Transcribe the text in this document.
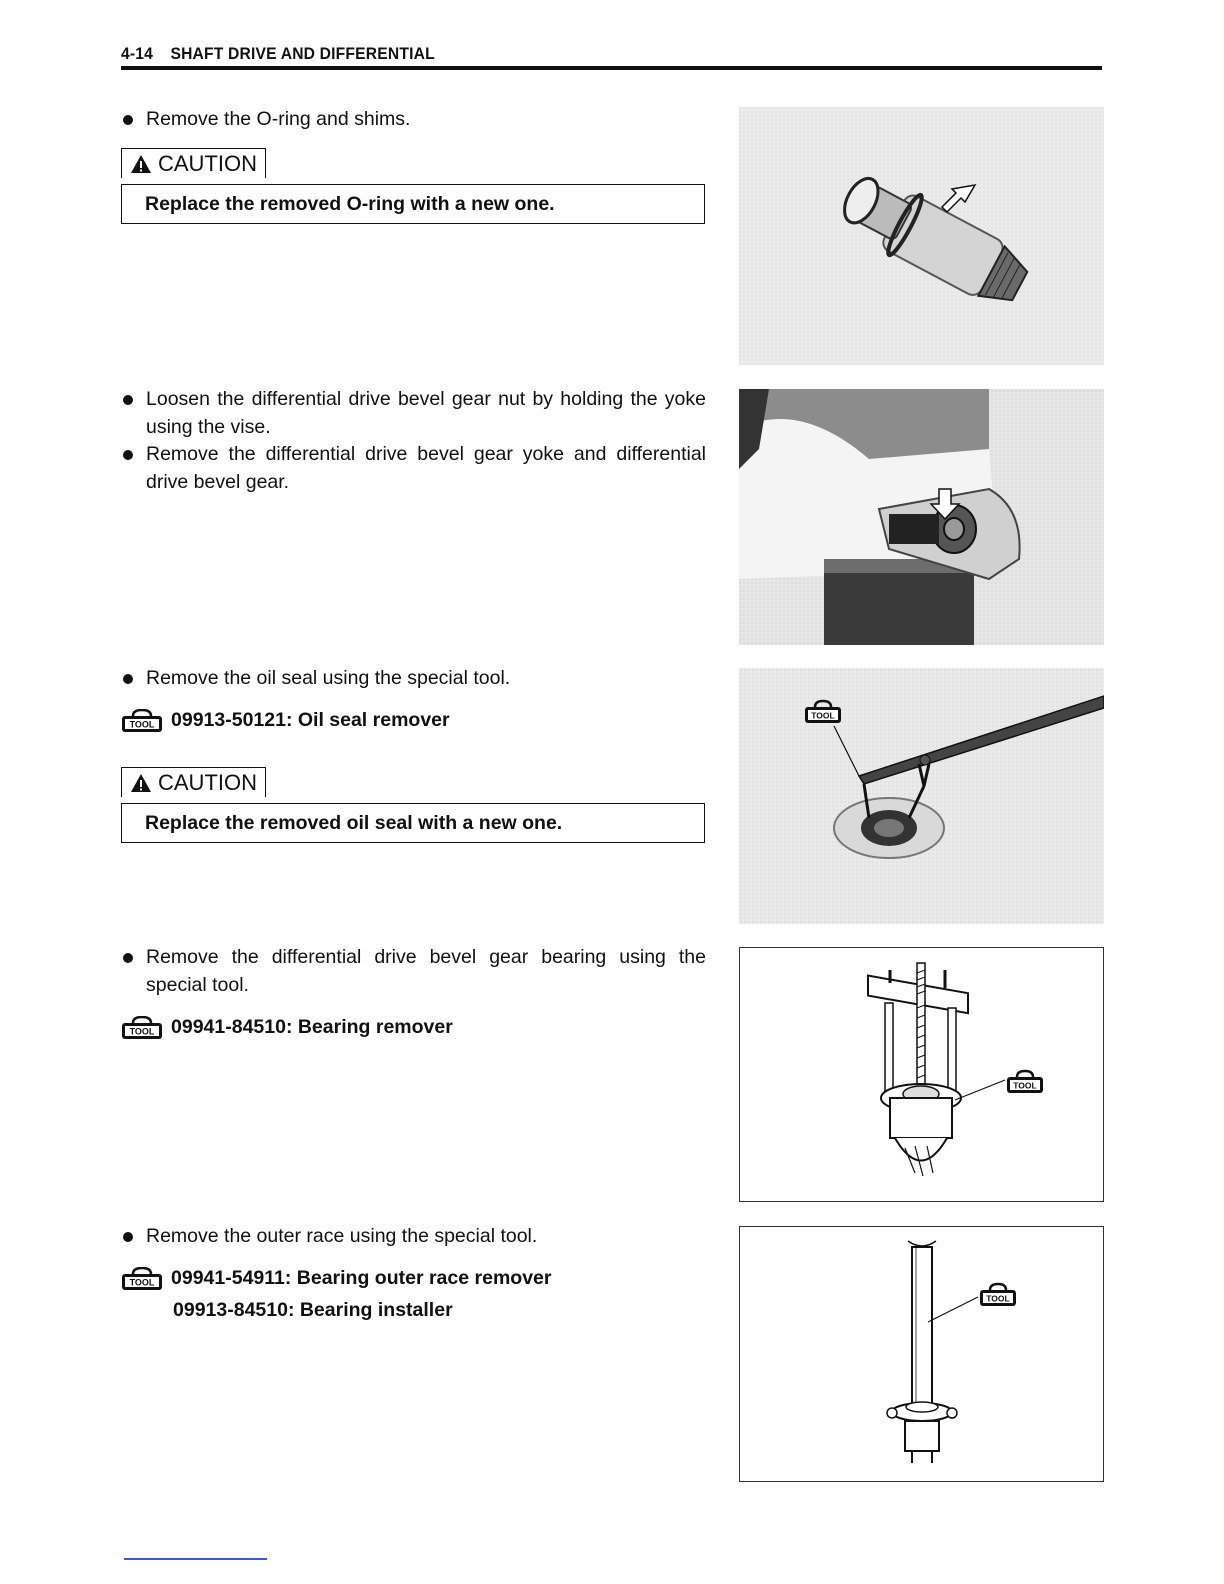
4-14 SHAFT DRIVE AND DIFFERENTIAL
Remove the O-ring and shims.
CAUTION
Replace the removed O-ring with a new one.
Loosen the differential drive bevel gear nut by holding the yoke using the vise.
Remove the differential drive bevel gear yoke and differential drive bevel gear.
Remove the oil seal using the special tool.
TOOL 09913-50121: Oil seal remover
CAUTION
Replace the removed oil seal with a new one.
TOOL
Remove the differential drive bevel gear bearing using the special tool.
TOOL 09941-84510: Bearing remover
TOOL
Remove the outer race using the special tool.
TOOL 09941-54911: Bearing outer race remover
09913-84510: Bearing installer
TOOL
